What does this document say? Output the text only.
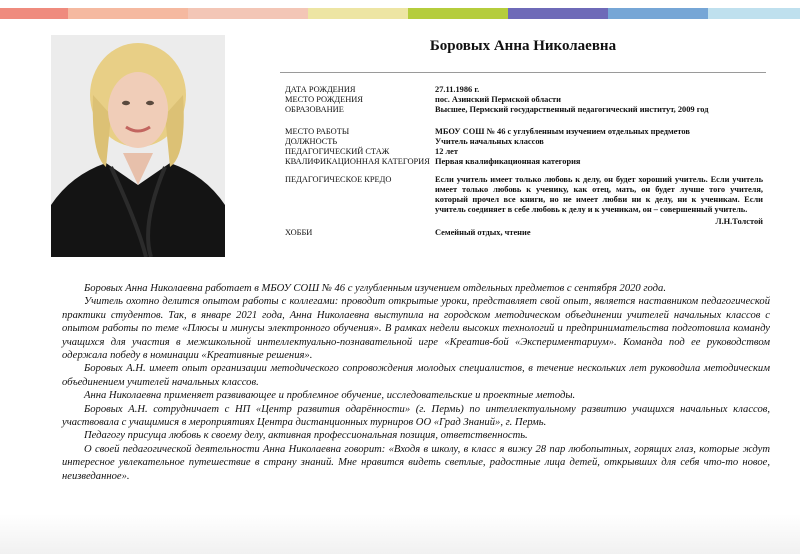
Боровых Анна Николаевна
ДАТА РОЖДЕНИЯ	27.11.1986 г.
МЕСТО РОЖДЕНИЯ	пос. Азинский Пермской области
ОБРАЗОВАНИЕ	Высшее, Пермский государственный педагогический институт, 2009 год
МЕСТО РАБОТЫ	МБОУ СОШ № 46 с углубленным изучением отдельных предметов
ДОЛЖНОСТЬ	Учитель начальных классов
ПЕДАГОГИЧЕСКИЙ СТАЖ	12 лет
КВАЛИФИКАЦИОННАЯ КАТЕГОРИЯ Первая квалификационная категория
ПЕДАГОГИЧЕСКОЕ КРЕДО	Если учитель имеет только любовь к делу, он будет хороший учитель. Если учитель имеет только любовь к ученику, как отец, мать, он будет лучше того учителя, который прочел все книги, но не имеет любви ни к делу, ни к ученикам. Если учитель соединяет в себе любовь к делу и к ученикам, он – совершенный учитель.
Л.Н.Толстой
ХОББИ	Семейный отдых, чтение

Боровых Анна Николаевна работает в МБОУ СОШ № 46 с углубленным изучением отдельных предметов с сентября 2020 года.

Учитель охотно делится опытом работы с коллегами: проводит открытые уроки, представляет свой опыт, является наставником педагогической практики студентов. Так, в январе 2021 года, Анна Николаевна выступила на городском методическом объединении учителей начальных классов с опытом работы по теме «Плюсы и минусы электронного обучения». В рамках недели высоких технологий и предпринимательства подготовила команду учащихся для участия в межшкольной интеллектуально-познавательной игре «Креатив-бой «Экспериментариум». Команда под ее руководством одержала победу в номинации «Креативные решения».

Боровых А.Н. имеет опыт организации методического сопровождения молодых специалистов, в течение нескольких лет руководила методическим объединением учителей начальных классов.

Анна Николаевна применяет развивающее и проблемное обучение, исследовательские и проектные методы.

Боровых А.Н. сотрудничает с НП «Центр развития одарённости» (г. Пермь) по интеллектуальному развитию учащихся начальных классов, участвовала с учащимися в мероприятиях Центра дистанционных турниров ОО «Град Знаний», г. Пермь.

Педагогу присуща любовь к своему делу, активная профессиональная позиция, ответственность.

О своей педагогической деятельности Анна Николаевна говорит: «Входя в школу, в класс я вижу 28 пар любопытных, горящих глаз, которые ждут интересное увлекательное путешествие в страну знаний. Мне нравится видеть светлые, радостные лица детей, открывших для себя что-то новое, неизведанное».
